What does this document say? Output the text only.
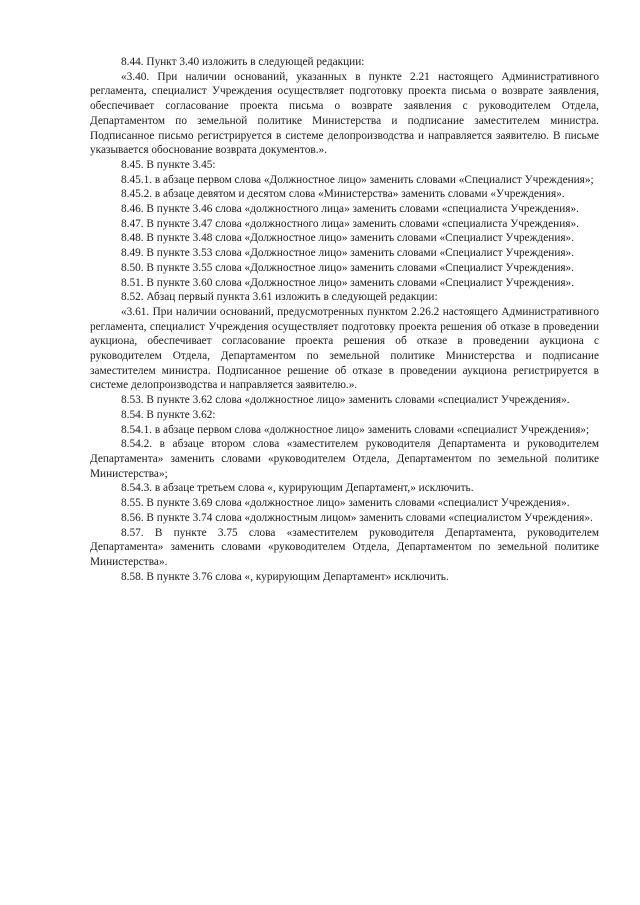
8.44. Пункт 3.40 изложить в следующей редакции:

«3.40. При наличии оснований, указанных в пункте 2.21 настоящего Административного регламента, специалист Учреждения осуществляет подготовку проекта письма о возврате заявления, обеспечивает согласование проекта письма о возврате заявления с руководителем Отдела, Департаментом по земельной политике Министерства и подписание заместителем министра. Подписанное письмо регистрируется в системе делопроизводства и направляется заявителю. В письме указывается обоснование возврата документов.».

8.45. В пункте 3.45:

8.45.1. в абзаце первом слова «Должностное лицо» заменить словами «Специалист Учреждения»;

8.45.2. в абзаце девятом и десятом слова «Министерства» заменить словами «Учреждения».

8.46. В пункте 3.46 слова «должностного лица» заменить словами «специалиста Учреждения».

8.47. В пункте 3.47 слова «должностного лица» заменить словами «специалиста Учреждения».

8.48. В пункте 3.48 слова «Должностное лицо» заменить словами «Специалист Учреждения».

8.49. В пункте 3.53 слова «Должностное лицо» заменить словами «Специалист Учреждения».

8.50. В пункте 3.55 слова «Должностное лицо» заменить словами «Специалист Учреждения».

8.51. В пункте 3.60 слова «Должностное лицо» заменить словами «Специалист Учреждения».

8.52. Абзац первый пункта 3.61 изложить в следующей редакции:

«3.61. При наличии оснований, предусмотренных пунктом 2.26.2 настоящего Административного регламента, специалист Учреждения осуществляет подготовку проекта решения об отказе в проведении аукциона, обеспечивает согласование проекта решения об отказе в проведении аукциона с руководителем Отдела, Департаментом по земельной политике Министерства и подписание заместителем министра. Подписанное решение об отказе в проведении аукциона регистрируется в системе делопроизводства и направляется заявителю.».

8.53. В пункте 3.62 слова «должностное лицо» заменить словами «специалист Учреждения».

8.54. В пункте 3.62:

8.54.1. в абзаце первом слова «должностное лицо» заменить словами «специалист Учреждения»;

8.54.2. в абзаце втором слова «заместителем руководителя Департамента и руководителем Департамента» заменить словами «руководителем Отдела, Департаментом по земельной политике Министерства»;

8.54.3. в абзаце третьем слова «, курирующим Департамент,» исключить.

8.55. В пункте 3.69 слова «должностное лицо» заменить словами «специалист Учреждения».

8.56. В пункте 3.74 слова «должностным лицом» заменить словами «специалистом Учреждения».

8.57. В пункте 3.75 слова «заместителем руководителя Департамента, руководителем Департамента» заменить словами «руководителем Отдела, Департаментом по земельной политике Министерства».

8.58. В пункте 3.76 слова «, курирующим Департамент» исключить.
